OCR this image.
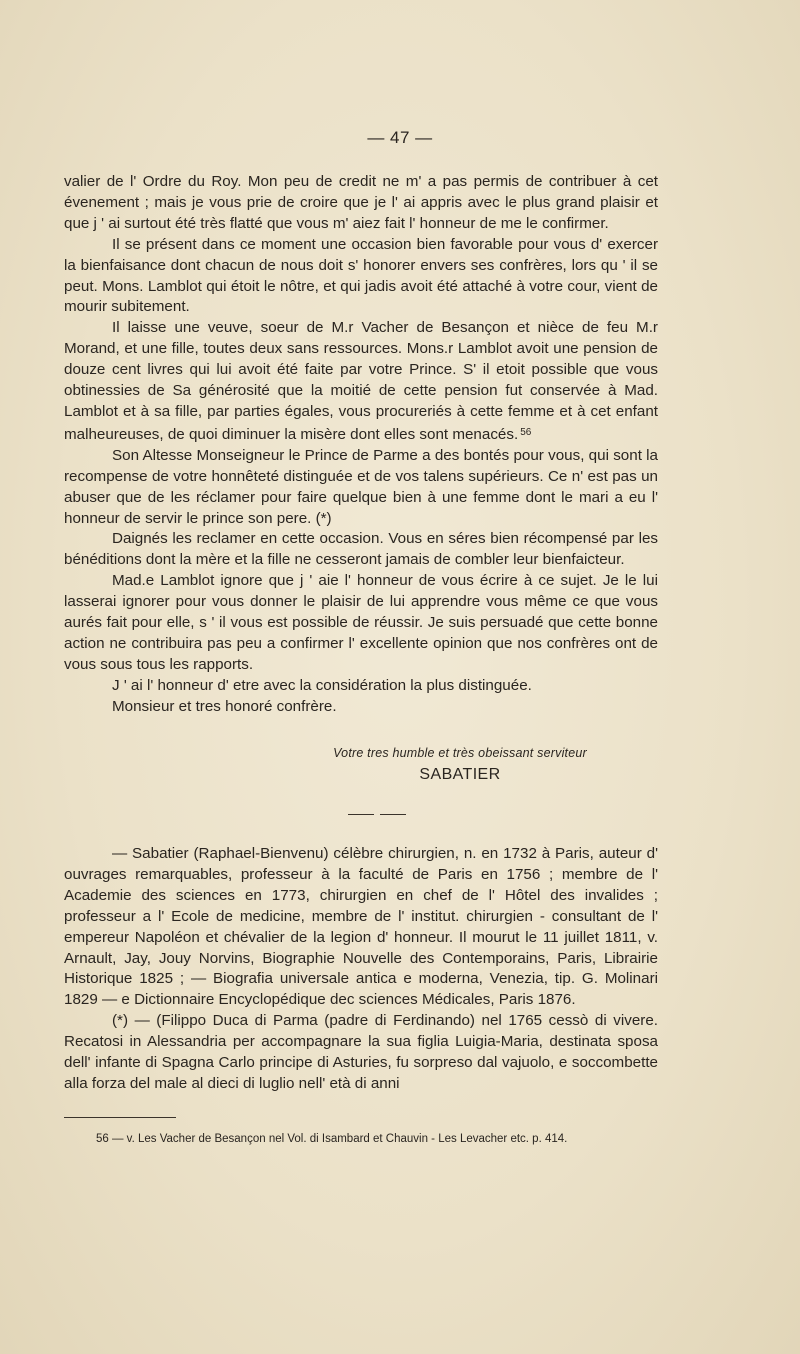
— 47 —

valier de l' Ordre du Roy. Mon peu de credit ne m' a pas permis de contribuer à cet évenement ; mais je vous prie de croire que je l' ai appris avec le plus grand plaisir et que j ' ai surtout été très flatté que vous m' aiez fait l' honneur de me le confirmer.

Il se présent dans ce moment une occasion bien favorable pour vous d' exercer la bienfaisance dont chacun de nous doit s' honorer envers ses confrères, lors qu ' il se peut. Mons. Lamblot qui étoit le nôtre, et qui jadis avoit été attaché à votre cour, vient de mourir subitement.

Il laisse une veuve, soeur de M.r Vacher de Besançon et nièce de feu M.r Morand, et une fille, toutes deux sans ressources. Mons.r Lamblot avoit une pension de douze cent livres qui lui avoit été faite par votre Prince. S' il etoit possible que vous obtinessies de Sa générosité que la moitié de cette pension fut conservée à Mad. Lamblot et à sa fille, par parties égales, vous procureriés à cette femme et à cet enfant malheureuses, de quoi diminuer la misère dont elles sont menacés. $^{56}$

Son Altesse Monseigneur le Prince de Parme a des bontés pour vous, qui sont la recompense de votre honnêteté distinguée et de vos talens supérieurs. Ce n' est pas un abuser que de les réclamer pour faire quelque bien à une femme dont le mari a eu l' honneur de servir le prince son pere. (*)

Daignés les reclamer en cette occasion. Vous en séres bien récompensé par les bénéditions dont la mère et la fille ne cesseront jamais de combler leur bienfaicteur.

Mad.e Lamblot ignore que j ' aie l' honneur de vous écrire à ce sujet. Je le lui lasserai ignorer pour vous donner le plaisir de lui apprendre vous même ce que vous aurés fait pour elle, s ' il vous est possible de réussir. Je suis persuadé que cette bonne action ne contribuira pas peu a confirmer l' excellente opinion que nos confrères ont de vous sous tous les rapports.

J ' ai l' honneur d' etre avec la considération la plus distinguée.

Monsieur et tres honoré confrère.

Votre tres humble et très obeissant serviteur
SABATIER

— Sabatier (Raphael-Bienvenu) célèbre chirurgien, n. en 1732 à Paris, auteur d' ouvrages remarquables, professeur à la faculté de Paris en 1756 ; membre de l' Academie des sciences en 1773, chirurgien en chef de l' Hôtel des invalides ; professeur a l' Ecole de medicine, membre de l' institut. chirurgien - consultant de l' empereur Napoléon et chévalier de la legion d' honneur. Il mourut le 11 juillet 1811, v. Arnault, Jay, Jouy Norvins, Biographie Nouvelle des Contemporains, Paris, Librairie Historique 1825 ; — Biografia universale antica e moderna, Venezia, tip. G. Molinari 1829 — e Dictionnaire Encyclopédique dec sciences Médicales, Paris 1876.

(*) — (Filippo Duca di Parma (padre di Ferdinando) nel 1765 cessò di vivere. Recatosi in Alessandria per accompagnare la sua figlia Luigia-Maria, destinata sposa dell' infante di Spagna Carlo principe di Asturies, fu sorpreso dal vajuolo, e soccombette alla forza del male al dieci di luglio nell' età di anni

56 — v. Les Vacher de Besançon nel Vol. di Isambard et Chauvin - Les Levacher etc. p. 414.
